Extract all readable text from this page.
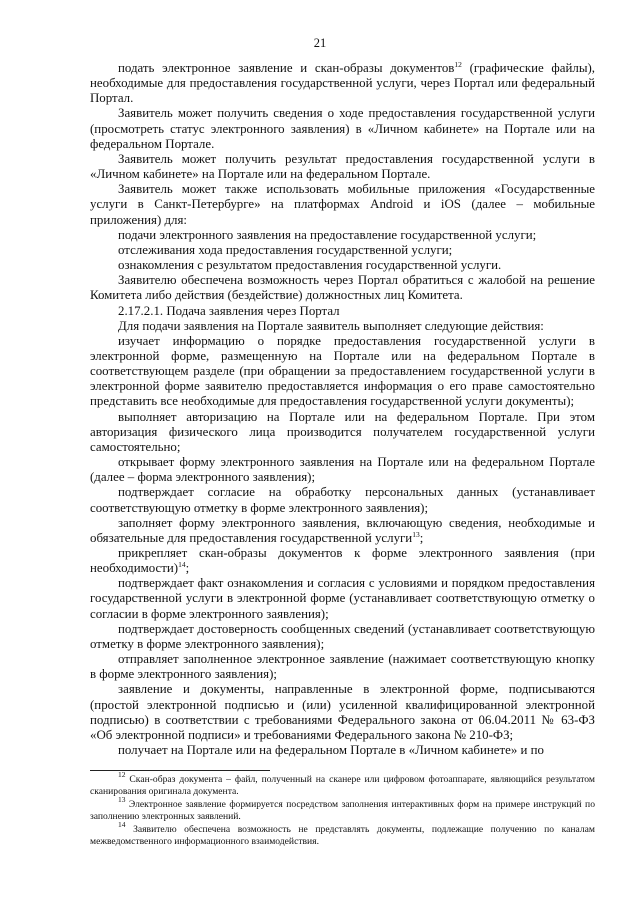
21

подать электронное заявление и скан-образы документов$^{12}$ (графические файлы), необходимые для предоставления государственной услуги, через Портал или федеральный Портал.

Заявитель может получить сведения о ходе предоставления государственной услуги (просмотреть статус электронного заявления) в «Личном кабинете» на Портале или на федеральном Портале.

Заявитель может получить результат предоставления государственной услуги в «Личном кабинете» на Портале или на федеральном Портале.

Заявитель может также использовать мобильные приложения «Государственные услуги в Санкт-Петербурге» на платформах Android и iOS (далее – мобильные приложения) для:

подачи электронного заявления на предоставление государственной услуги;

отслеживания хода предоставления государственной услуги;

ознакомления с результатом предоставления государственной услуги.

Заявителю обеспечена возможность через Портал обратиться с жалобой на решение Комитета либо действия (бездействие) должностных лиц Комитета.

2.17.2.1. Подача заявления через Портал

Для подачи заявления на Портале заявитель выполняет следующие действия:

изучает информацию о порядке предоставления государственной услуги в электронной форме, размещенную на Портале или на федеральном Портале в соответствующем разделе (при обращении за предоставлением государственной услуги в электронной форме заявителю предоставляется информация о его праве самостоятельно представить все необходимые для предоставления государственной услуги документы);

выполняет авторизацию на Портале или на федеральном Портале. При этом авторизация физического лица производится получателем государственной услуги самостоятельно;

открывает форму электронного заявления на Портале или на федеральном Портале (далее – форма электронного заявления);

подтверждает согласие на обработку персональных данных (устанавливает соответствующую отметку в форме электронного заявления);

заполняет форму электронного заявления, включающую сведения, необходимые и обязательные для предоставления государственной услуги$^{13}$;

прикрепляет скан-образы документов к форме электронного заявления (при необходимости)$^{14}$;

подтверждает факт ознакомления и согласия с условиями и порядком предоставления государственной услуги в электронной форме (устанавливает соответствующую отметку о согласии в форме электронного заявления);

подтверждает достоверность сообщенных сведений (устанавливает соответствующую отметку в форме электронного заявления);

отправляет заполненное электронное заявление (нажимает соответствующую кнопку в форме электронного заявления);

заявление и документы, направленные в электронной форме, подписываются (простой электронной подписью и (или) усиленной квалифицированной электронной подписью) в соответствии с требованиями Федерального закона от 06.04.2011 № 63-ФЗ «Об электронной подписи» и требованиями Федерального закона № 210-ФЗ;

получает на Портале или на федеральном Портале в «Личном кабинете» и по

$^{12}$ Скан-образ документа – файл, полученный на сканере или цифровом фотоаппарате, являющийся результатом сканирования оригинала документа.

$^{13}$ Электронное заявление формируется посредством заполнения интерактивных форм на примере инструкций по заполнению электронных заявлений.

$^{14}$ Заявителю обеспечена возможность не представлять документы, подлежащие получению по каналам межведомственного информационного взаимодействия.
